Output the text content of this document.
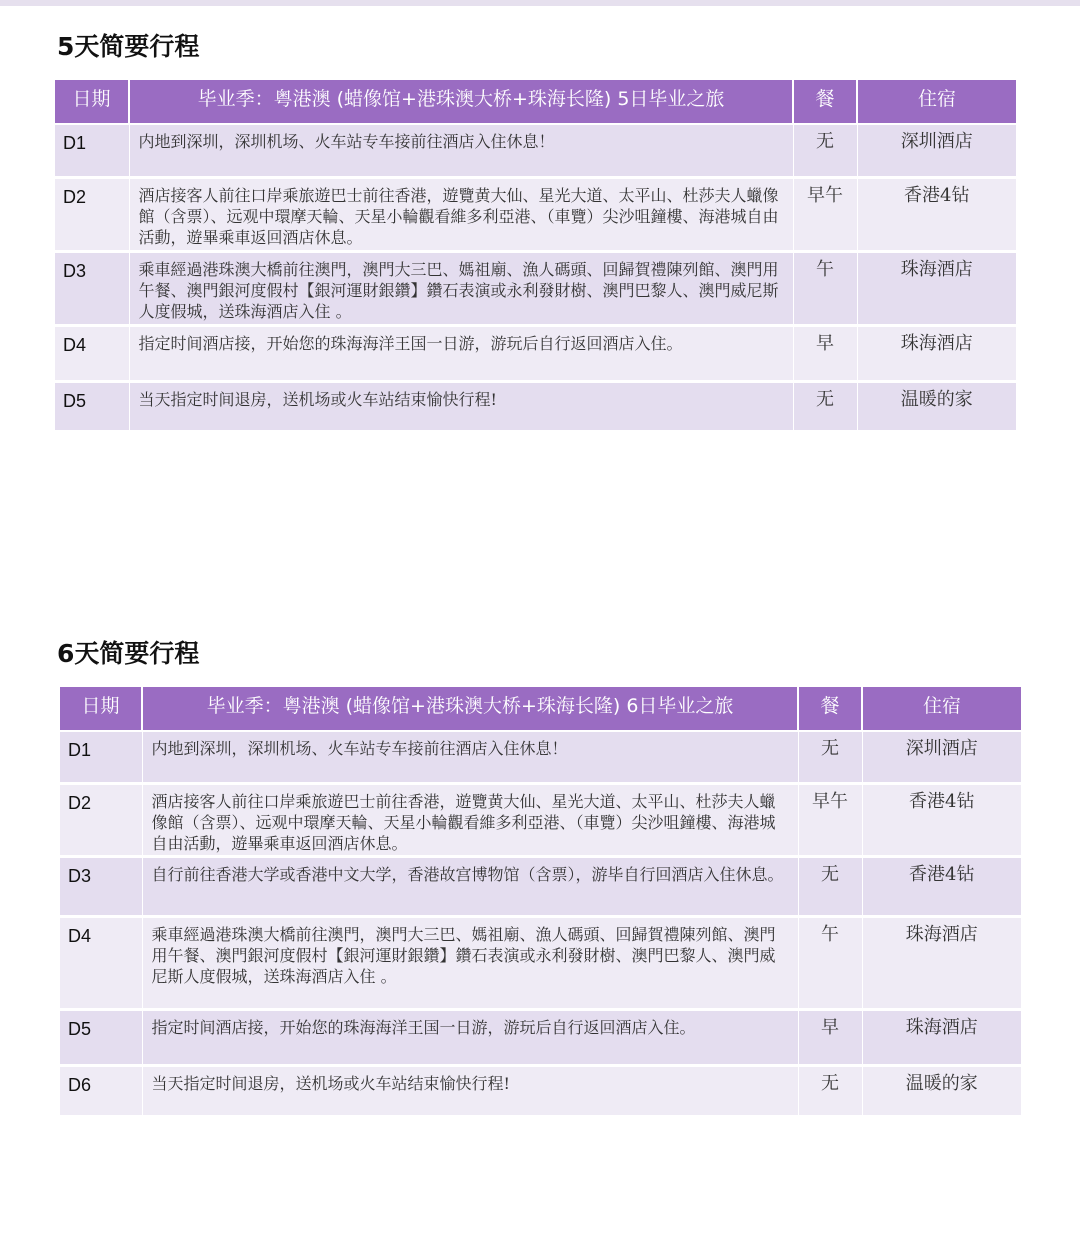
5天简要行程
日期	毕业季：粤港澳 (蜡像馆+港珠澳大桥+珠海长隆) 5日毕业之旅	餐	住宿
D1	内地到深圳，深圳机场、火车站专车接前往酒店入住休息！	无	深圳酒店
D2	酒店接客人前往口岸乘旅遊巴士前往香港，遊覽黄大仙、星光大道、太平山、杜莎夫人蠟像館（含票）、远观中環摩天輪、天星小輪觀看維多利亞港、（車覽）尖沙咀鐘樓、海港城自由活動，遊畢乘車返回酒店休息。	早午	香港4钻
D3	乘車經過港珠澳大橋前往澳門，澳門大三巴、媽祖廟、漁人碼頭、回歸賀禮陳列館、澳門用午餐、澳門銀河度假村【銀河運財銀鑽】鑽石表演或永利發財樹、澳門巴黎人、澳門威尼斯人度假城，送珠海酒店入住 。	午	珠海酒店
D4	指定时间酒店接，开始您的珠海海洋王国一日游，游玩后自行返回酒店入住。	早	珠海酒店
D5	当天指定时间退房，送机场或火车站结束愉快行程!	无	温暖的家
6天简要行程
日期	毕业季：粤港澳 (蜡像馆+港珠澳大桥+珠海长隆) 6日毕业之旅	餐	住宿
D1	内地到深圳，深圳机场、火车站专车接前往酒店入住休息！	无	深圳酒店
D2	酒店接客人前往口岸乘旅遊巴士前往香港，遊覽黄大仙、星光大道、太平山、杜莎夫人蠟像館（含票）、远观中環摩天輪、天星小輪觀看維多利亞港、（車覽）尖沙咀鐘樓、海港城自由活動，遊畢乘車返回酒店休息。	早午	香港4钻
D3	自行前往香港大学或香港中文大学，香港故宫博物馆（含票），游毕自行回酒店入住休息。	无	香港4钻
D4	乘車經過港珠澳大橋前往澳門，澳門大三巴、媽祖廟、漁人碼頭、回歸賀禮陳列館、澳門用午餐、澳門銀河度假村【銀河運財銀鑽】鑽石表演或永利發財樹、澳門巴黎人、澳門威尼斯人度假城，送珠海酒店入住 。	午	珠海酒店
D5	指定时间酒店接，开始您的珠海海洋王国一日游，游玩后自行返回酒店入住。	早	珠海酒店
D6	当天指定时间退房，送机场或火车站结束愉快行程!	无	温暖的家
